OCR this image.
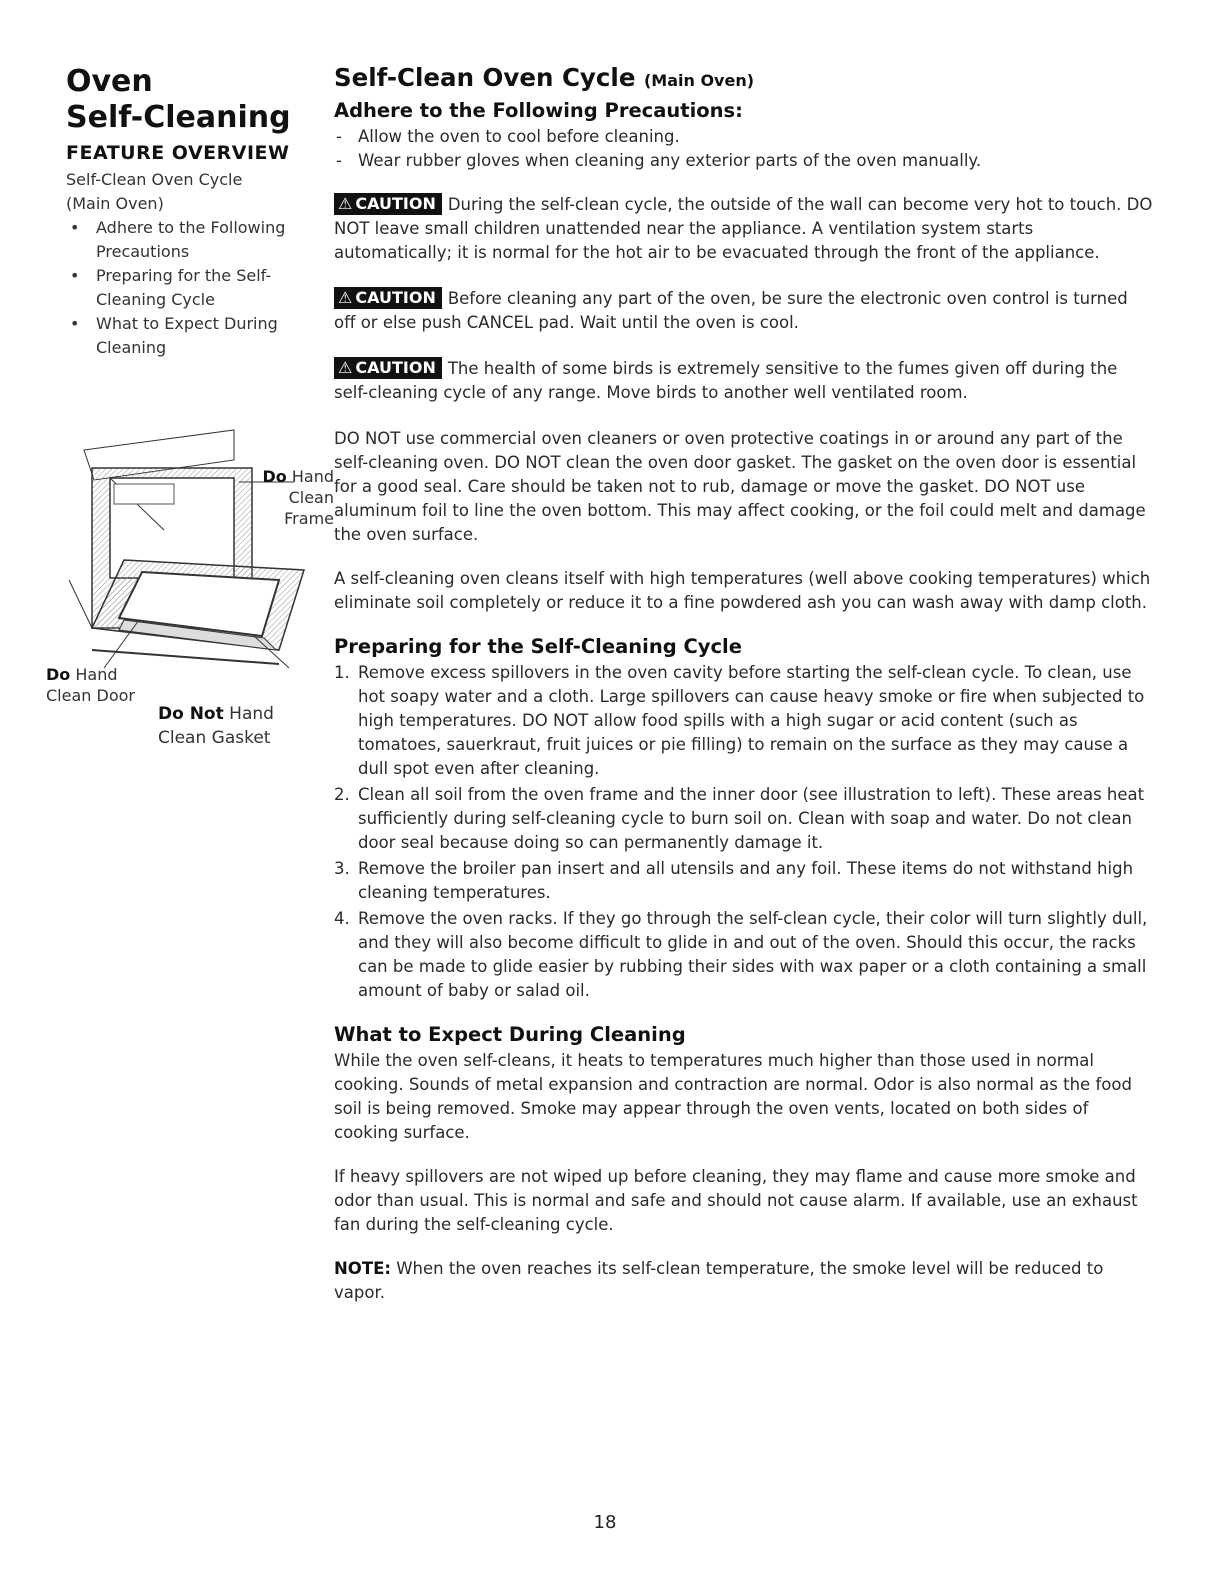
Oven
Self-Cleaning
FEATURE OVERVIEW
Self-Clean Oven Cycle
(Main Oven)
• Adhere to the Following
Precautions
• Preparing for the Self-
Cleaning Cycle
• What to Expect During
Cleaning
Do Hand
Clean
Frame
Do Hand
Clean Door
Do Not Hand
Clean Gasket
Self-Clean Oven Cycle (Main Oven)
Adhere to the Following Precautions:
- Allow the oven to cool before cleaning.
- Wear rubber gloves when cleaning any exterior parts of the oven manually.

⚠ CAUTION During the self-clean cycle, the outside of the wall can become very hot to touch. DO NOT leave small children unattended near the appliance. A ventilation system starts automatically; it is normal for the hot air to be evacuated through the front of the appliance.

⚠ CAUTION Before cleaning any part of the oven, be sure the electronic oven control is turned off or else push CANCEL pad. Wait until the oven is cool.

⚠ CAUTION The health of some birds is extremely sensitive to the fumes given off during the self-cleaning cycle of any range. Move birds to another well ventilated room.

DO NOT use commercial oven cleaners or oven protective coatings in or around any part of the self-cleaning oven. DO NOT clean the oven door gasket. The gasket on the oven door is essential for a good seal. Care should be taken not to rub, damage or move the gasket. DO NOT use aluminum foil to line the oven bottom. This may affect cooking, or the foil could melt and damage the oven surface.

A self-cleaning oven cleans itself with high temperatures (well above cooking temperatures) which eliminate soil completely or reduce it to a fine powdered ash you can wash away with damp cloth.

Preparing for the Self-Cleaning Cycle
1. Remove excess spillovers in the oven cavity before starting the self-clean cycle. To clean, use hot soapy water and a cloth. Large spillovers can cause heavy smoke or fire when subjected to high temperatures. DO NOT allow food spills with a high sugar or acid content (such as tomatoes, sauerkraut, fruit juices or pie filling) to remain on the surface as they may cause a dull spot even after cleaning.
2. Clean all soil from the oven frame and the inner door (see illustration to left). These areas heat sufficiently during self-cleaning cycle to burn soil on. Clean with soap and water. Do not clean door seal because doing so can permanently damage it.
3. Remove the broiler pan insert and all utensils and any foil. These items do not withstand high cleaning temperatures.
4. Remove the oven racks. If they go through the self-clean cycle, their color will turn slightly dull, and they will also become difficult to glide in and out of the oven. Should this occur, the racks can be made to glide easier by rubbing their sides with wax paper or a cloth containing a small amount of baby or salad oil.
What to Expect During Cleaning

While the oven self-cleans, it heats to temperatures much higher than those used in normal cooking. Sounds of metal expansion and contraction are normal. Odor is also normal as the food soil is being removed. Smoke may appear through the oven vents, located on both sides of cooking surface.

If heavy spillovers are not wiped up before cleaning, they may flame and cause more smoke and odor than usual. This is normal and safe and should not cause alarm. If available, use an exhaust fan during the self-cleaning cycle.

NOTE: When the oven reaches its self-clean temperature, the smoke level will be reduced to vapor.

18
